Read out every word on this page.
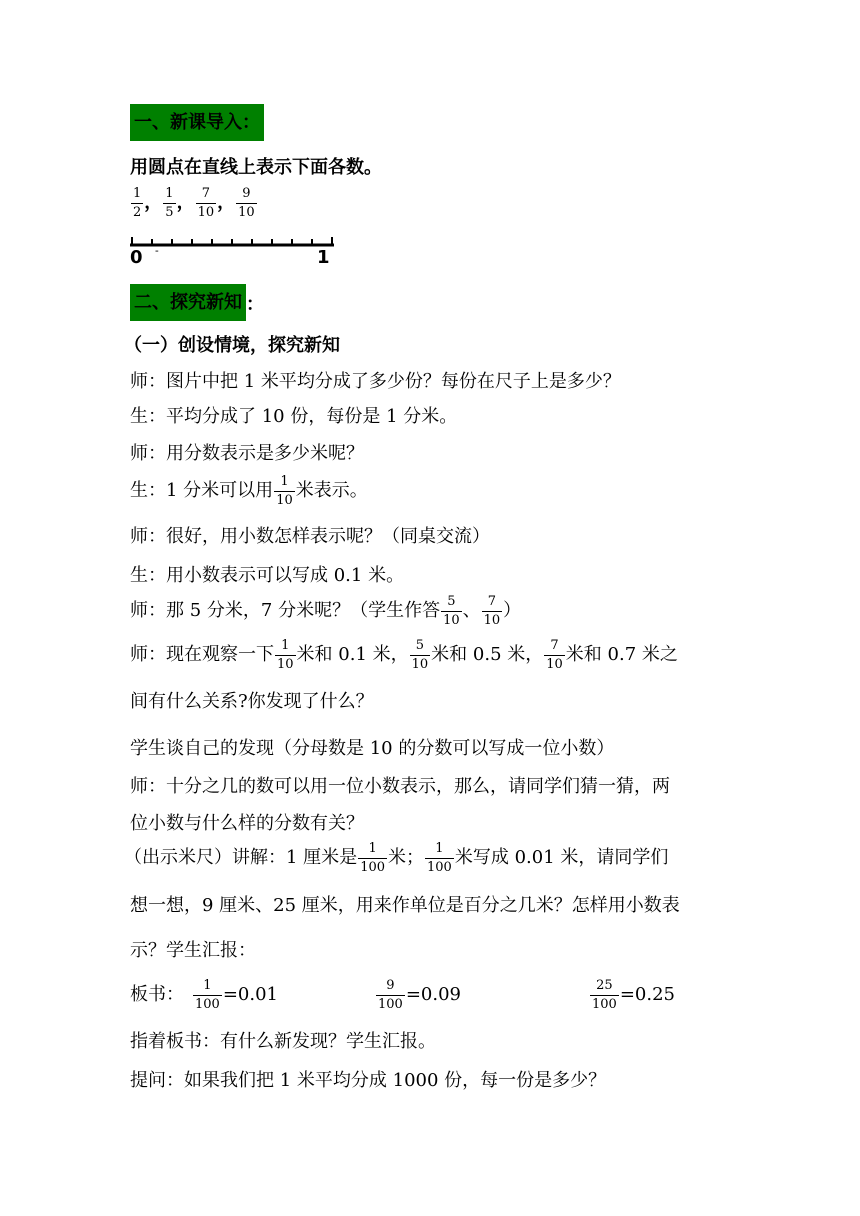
一、新课导入：
用圆点在直线上表示下面各数。
1
2 ， 1
5 ， 7
10 ， 9
10
0 -	1
二、探究新知 ：
（一）创设情境，探究新知
师：图片中把 1 米平均分成了多少份？每份在尺子上是多少？
生：平均分成了 10 份，每份是 1 分米。
师：用分数表示是多少米呢？
生：1 分米可以用 1
10 米表示。
师：很好，用小数怎样表示呢？（同桌交流）
生：用小数表示可以写成 0.1 米。
师：那 5 分米，7 分米呢？（学生作答 5
10 、 7
10 ）
师：现在观察一下 1
10 米和 0.1 米， 5
10 米和 0.5 米， 7
10 米和 0.7 米之
间有什么关系?你发现了什么？
学生谈自己的发现（分母数是 10 的分数可以写成一位小数）
师：十分之几的数可以用一位小数表示，那么，请同学们猜一猜，两
位小数与什么样的分数有关？
（出示米尺）讲解：1 厘米是 1
100 米； 1
100 米写成 0.01 米，请同学们
想一想，9 厘米、25 厘米，用来作单位是百分之几米？怎样用小数表
示？学生汇报：
板书： 1
100 =0.01	9
100 =0.09	25
100 =0.25
指着板书：有什么新发现？学生汇报。
提问：如果我们把 1 米平均分成 1000 份，每一份是多少？
